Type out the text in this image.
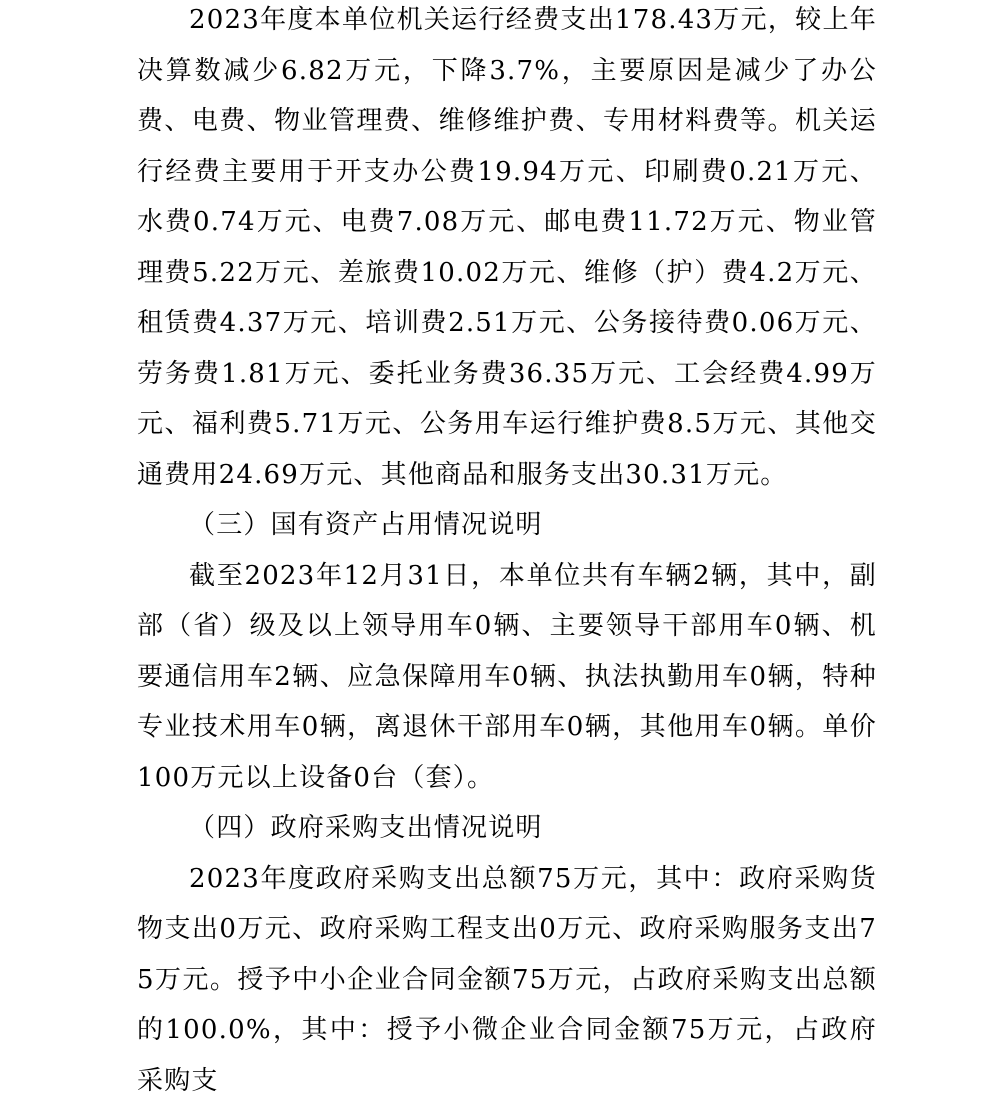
2023年度本单位机关运行经费支出178.43万元，较上年决算数减少6.82万元，下降3.7%，主要原因是减少了办公费、电费、物业管理费、维修维护费、专用材料费等。机关运行经费主要用于开支办公费19.94万元、印刷费0.21万元、水费0.74万元、电费7.08万元、邮电费11.72万元、物业管理费5.22万元、差旅费10.02万元、维修（护）费4.2万元、租赁费4.37万元、培训费2.51万元、公务接待费0.06万元、劳务费1.81万元、委托业务费36.35万元、工会经费4.99万元、福利费5.71万元、公务用车运行维护费8.5万元、其他交通费用24.69万元、其他商品和服务支出30.31万元。

（三）国有资产占用情况说明

截至2023年12月31日，本单位共有车辆2辆，其中，副部（省）级及以上领导用车0辆、主要领导干部用车0辆、机要通信用车2辆、应急保障用车0辆、执法执勤用车0辆，特种专业技术用车0辆，离退休干部用车0辆，其他用车0辆。单价100万元以上设备0台（套）。

（四）政府采购支出情况说明

2023年度政府采购支出总额75万元，其中：政府采购货物支出0万元、政府采购工程支出0万元、政府采购服务支出75万元。授予中小企业合同金额75万元，占政府采购支出总额的100.0%，其中：授予小微企业合同金额75万元，占政府采购支
